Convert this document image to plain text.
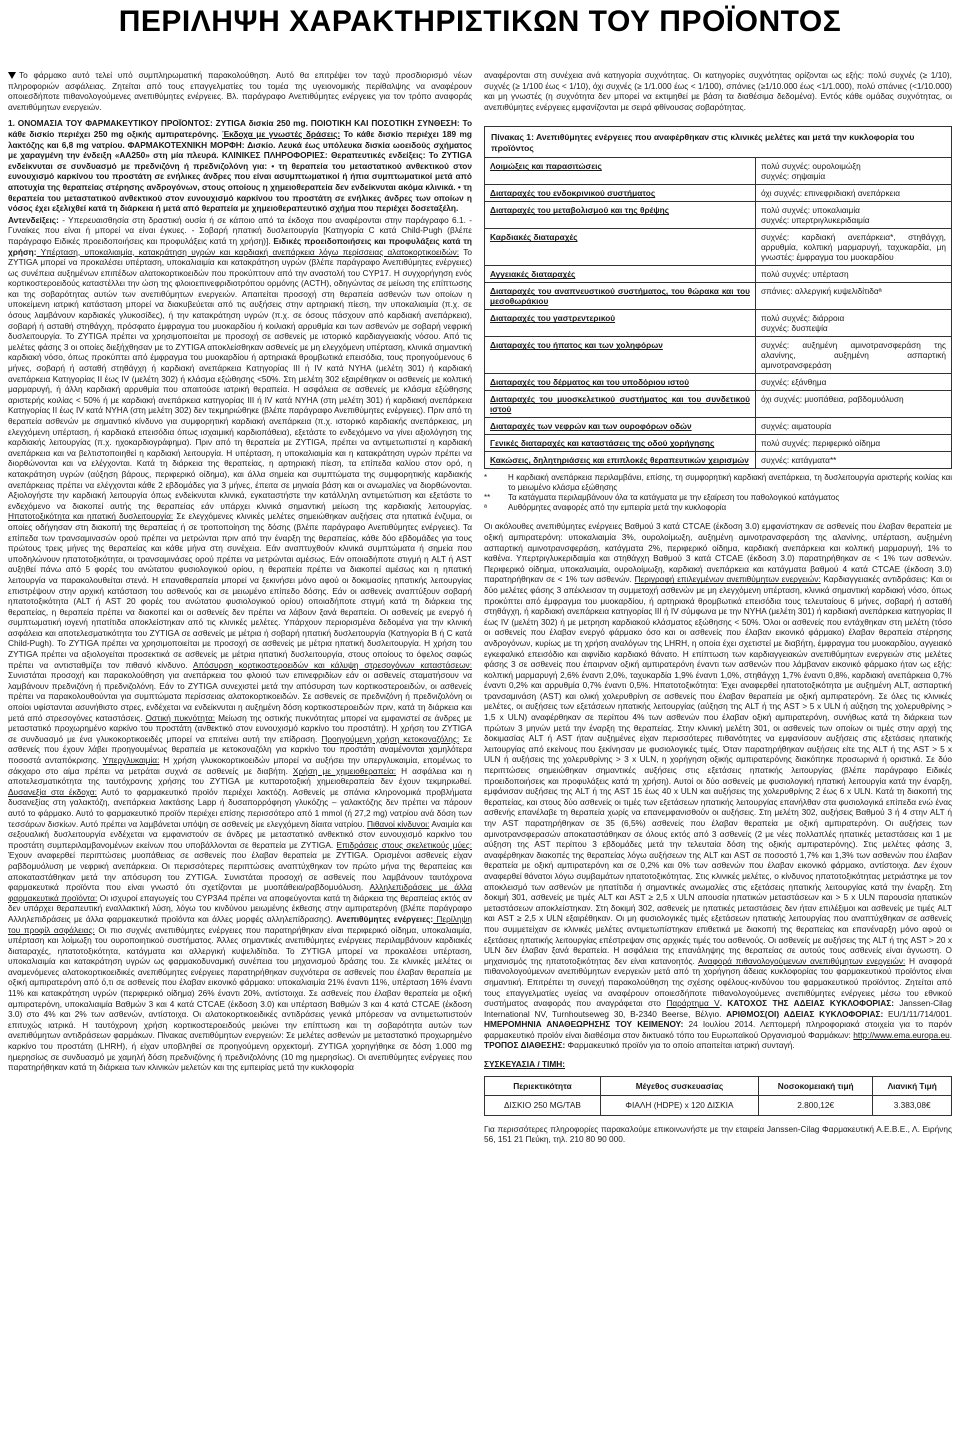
ΠΕΡΙΛΗΨΗ ΧΑΡΑΚΤΗΡΙΣΤΙΚΩΝ ΤΟΥ ΠΡΟΪΟΝΤΟΣ

Το φάρμακο αυτό τελεί υπό συμπληρωματική παρακολούθηση. Αυτό θα επιτρέψει τον ταχύ προσδιορισμό νέων πληροφοριών ασφάλειας. Ζητείται από τους επαγγελματίες του τομέα της υγειονομικής περίθαλψης να αναφέρουν οποιεσδήποτε πιθανολογούμενες ανεπιθύμητες ενέργειες. Βλ. παράγραφο Ανεπιθύμητες ενέργειες για τον τρόπο αναφοράς ανεπιθύμητων ενεργειών.

1. ΟΝΟΜΑΣΙΑ ΤΟΥ ΦΑΡΜΑΚΕΥΤΙΚΟΥ ΠΡΟΪΟΝΤΟΣ: ZYTIGA δισκία 250 mg. ΠΟΙΟΤΙΚΗ ΚΑΙ ΠΟΣΟΤΙΚΗ ΣΥΝΘΕΣΗ: Το κάθε δισκίο περιέχει 250 mg οξικής αμπιρατερόνης. Έκδοχα με γνωστές δράσεις: Το κάθε δισκίο περιέχει 189 mg λακτόζης και 6,8 mg νατρίου. ΦΑΡΜΑΚΟΤΕΧΝΙΚΗ ΜΟΡΦΗ: Δισκίο. Λευκά έως υπόλευκα δισκία ωοειδούς σχήματος με χαραγμένη την ένδειξη «AA250» στη μία πλευρά. ΚΛΙΝΙΚΕΣ ΠΛΗΡΟΦΟΡΙΕΣ: Θεραπευτικές ενδείξεις: Το ZYTIGA ενδείκνυται σε συνδυασμό με πρεδνιζόνη ή πρεδνιζολόνη για: • τη θεραπεία του μεταστατικού ανθεκτικού στον ευνουχισμό καρκίνου του προστάτη σε ενήλικες άνδρες που είναι ασυμπτωματικοί ή ήπια συμπτωματικοί μετά από αποτυχία της θεραπείας στέρησης ανδρογόνων, στους οποίους η χημειοθεραπεία δεν ενδείκνυται ακόμα κλινικά. • τη θεραπεία του μεταστατικού ανθεκτικού στον ευνουχισμό καρκίνου του προστάτη σε ενήλικες άνδρες των οποίων η νόσος έχει εξελιχθεί κατά τη διάρκεια ή μετά από θεραπεία με χημειοθεραπευτικό σχήμα που περιέχει δοσεταξέλη.

Αντενδείξεις: - Υπερευαισθησία στη δραστική ουσία ή σε κάποιο από τα έκδοχα που αναφέρονται στην παράγραφο 6.1. - Γυναίκες που είναι ή μπορεί να είναι έγκυες. - Σοβαρή ηπατική δυσλειτουργία [Κατηγορία C κατά Child-Pugh (βλέπε παράγραφο Ειδικές προειδοποιήσεις και προφυλάξεις κατά τη χρήση)]. Ειδικές προειδοποιήσεις και προφυλάξεις κατά τη χρήση: Υπέρταση, υποκαλιαιμία, κατακράτηση υγρών και καρδιακή ανεπάρκεια λόγω περίσσειας αλατοκορτικοειδών: Το ZYTIGA μπορεί να προκαλέσει υπέρταση, υποκαλιαιμία και κατακράτηση υγρών (βλέπε παράγραφο Ανεπιθύμητες ενέργειες) ως συνέπεια αυξημένων επιπέδων αλατοκορτικοειδών που προκύπτουν από την αναστολή του CYP17. Η συγχορήγηση ενός κορτικοστεροειδούς καταστέλλει την ώση της φλοιοεπινεφριδιοτρόπου ορμόνης (ACTH), οδηγώντας σε μείωση της επίπτωσης και της σοβαρότητας αυτών των ανεπιθύμητων ενεργειών. Απαιτείται προσοχή στη θεραπεία ασθενών των οποίων η υποκείμενη ιατρική κατάσταση μπορεί να διακυβεύεται από τις αυξήσεις στην αρτηριακή πίεση, την υποκαλιαιμία (π.χ. σε όσους λαμβάνουν καρδιακές γλυκοσίδες), ή την κατακράτηση υγρών (π.χ. σε όσους πάσχουν από καρδιακή ανεπάρκεια), σοβαρή ή ασταθή στηθάγχη, πρόσφατο έμφραγμα του μυοκαρδίου ή κοιλιακή αρρυθμία και των ασθενών με σοβαρή νεφρική δυσλειτουργία. Το ZYTIGA πρέπει να χρησιμοποιείται με προσοχή σε ασθενείς με ιστορικό καρδιαγγειακής νόσου. Από τις μελέτες φάσης 3 οι οποίες διεξήχθησαν με το ZYTIGA αποκλείσθηκαν ασθενείς με μη ελεγχόμενη υπέρταση, κλινικά σημαντική καρδιακή νόσο, όπως προκύπτει από έμφραγμα του μυοκαρδίου ή αρτηριακά θρομβωτικά επεισόδια, τους προηγούμενους 6 μήνες, σοβαρή ή ασταθή στηθάγχη ή καρδιακή ανεπάρκεια Κατηγορίας III ή IV κατά NYHA (μελέτη 301) ή καρδιακή ανεπάρκεια Κατηγορίας II έως IV (μελέτη 302) ή κλάσμα εξώθησης <50%. Στη μελέτη 302 εξαιρέθηκαν οι ασθενείς με κολπική μαρμαρυγή, ή άλλη καρδιακή αρρυθμία που απαιτούσε ιατρική θεραπεία. Η ασφάλεια σε ασθενείς με κλάσμα εξώθησης αριστερής κοιλίας < 50% ή με καρδιακή ανεπάρκεια κατηγορίας III ή IV κατά NYHA (στη μελέτη 301) ή καρδιακή ανεπάρκεια Κατηγορίας II έως IV κατά NYHA (στη μελέτη 302) δεν τεκμηριώθηκε (βλέπε παράγραφο Ανεπιθύμητες ενέργειες). Πριν από τη θεραπεία ασθενών με σημαντικό κίνδυνο για συμφορητική καρδιακή ανεπάρκεια (π.χ. ιστορικό καρδιακής ανεπάρκειας, μη ελεγχόμενη υπέρταση, ή καρδιακά επεισόδια όπως ισχαιμική καρδιοπάθεια), εξετάστε το ενδεχόμενο να γίνει αξιολόγηση της καρδιακής λειτουργίας (π.χ. ηχοκαρδιογράφημα). Πριν από τη θεραπεία με ZYTIGA, πρέπει να αντιμετωπιστεί η καρδιακή ανεπάρκεια και να βελτιστοποιηθεί η καρδιακή λειτουργία. Η υπέρταση, η υποκαλιαιμία και η κατακράτηση υγρών πρέπει να διορθώνονται και να ελέγχονται. Κατά τη διάρκεια της θεραπείας, η αρτηριακή πίεση, τα επίπεδα καλίου στον ορό, η κατακράτηση υγρών (αύξηση βάρους, περιφερικό οίδημα), και άλλα σημεία και συμπτώματα της συμφορητικής καρδιακής ανεπάρκειας πρέπει να ελέγχονται κάθε 2 εβδομάδες για 3 μήνες, έπειτα σε μηνιαία βάση και οι ανωμαλίες να διορθώνονται. Αξιολογήστε την καρδιακή λειτουργία όπως ενδείκνυται κλινικά, εγκαταστήστε την κατάλληλη αντιμετώπιση και εξετάστε το ενδεχόμενο να διακοπεί αυτής της θεραπείας εάν υπάρχει κλινικά σημαντική μείωση της καρδιακής λειτουργίας. Ηπατοτοξικότητα και ηπατική δυσλειτουργία: Σε ελεγχόμενες κλινικές μελέτες σημειώθηκαν αυξήσεις στα ηπατικά ένζυμα, οι οποίες οδήγησαν στη διακοπή της θεραπείας ή σε τροποποίηση της δόσης (βλέπε παράγραφο Ανεπιθύμητες ενέργειες). Τα επίπεδα των τρανσαμινασών ορού πρέπει να μετρώνται πριν από την έναρξη της θεραπείας, κάθε δύο εβδομάδες για τους πρώτους τρεις μήνες της θεραπείας και κάθε μήνα στη συνέχεια. Εάν αναπτυχθούν κλινικά συμπτώματα ή σημεία που υποδηλώνουν ηπατοτοξικότητα, οι τρανσαμινάσες ορού πρέπει να μετρώνται αμέσως. Εάν οποιαδήποτε στιγμή η ALT ή AST αυξηθεί πάνω από 5 φορές του ανώτατου φυσιολογικού ορίου, η θεραπεία πρέπει να διακοπεί αμέσως και η ηπατική λειτουργία να παρακολουθείται στενά. Η επαναθεραπεία μπορεί να ξεκινήσει μόνο αφού οι δοκιμασίες ηπατικής λειτουργίας επιστρέψουν στην αρχική κατάσταση του ασθενούς και σε μειωμένο επίπεδο δόσης. Εάν οι ασθενείς αναπτύξουν σοβαρή ηπατοτοξικότητα (ALT ή AST 20 φορές του ανώτατου φυσιολογικού ορίου) οποιαδήποτε στιγμή κατά τη διάρκεια της θεραπείας, η θεραπεία πρέπει να διακοπεί και οι ασθενείς δεν πρέπει να λάβουν ξανά θεραπεία. Οι ασθενείς με ενεργό ή συμπτωματική ιογενή ηπατίτιδα αποκλείστηκαν από τις κλινικές μελέτες. Υπάρχουν περιορισμένα δεδομένα για την κλινική ασφάλεια και αποτελεσματικότητα του ZYTIGA σε ασθενείς με μέτρια ή σοβαρή ηπατική δυσλειτουργία (Κατηγορία B ή C κατά Child-Pugh). Το ZYTIGA πρέπει να χρησιμοποιείται με προσοχή σε ασθενείς με μέτρια ηπατική δυσλειτουργία. Η χρήση του ZYTIGA πρέπει να αξιολογείται προσεκτικά σε ασθενείς με μέτρια ηπατική δυσλειτουργία, στους οποίους το όφελος σαφώς πρέπει να αντισταθμίζει τον πιθανό κίνδυνο. Απόσυρση κορτικοστεροειδών και κάλυψη στρεσογόνων καταστάσεων: Συνιστάται προσοχή και παρακολούθηση για ανεπάρκεια του φλοιού των επινεφριδίων εάν οι ασθενείς σταματήσουν να λαμβάνουν πρεδνιζόνη ή πρεδνιζολόνη. Εάν το ZYTIGA συνεχιστεί μετά την απόσυρση των κορτικοστεροειδών, οι ασθενείς πρέπει να παρακολουθούνται για συμπτώματα περίσσειας αλατοκορτικοειδών. Σε ασθενείς σε πρεδνιζόνη ή πρεδνιζολόνη οι οποίοι υφίστανται ασυνήθιστο στρες, ενδέχεται να ενδείκνυται η αυξημένη δόση κορτικοστεροειδών πριν, κατά τη διάρκεια και μετά από στρεσογόνες καταστάσεις. Οστική πυκνότητα: Μείωση της οστικής πυκνότητας μπορεί να εμφανιστεί σε άνδρες με μεταστατικό προχωρημένο καρκίνο του προστάτη (ανθεκτικό στον ευνουχισμό καρκίνο του προστάτη). Η χρήση του ZYTIGA σε συνδυασμό με ένα γλυκοκορτικοειδές μπορεί να επιτείνει αυτή την επίδραση. Προηγούμενη χρήση κετοκοναζόλης: Σε ασθενείς που έχουν λάβει προηγουμένως θεραπεία με κετοκοναζόλη για καρκίνο του προστάτη αναμένονται χαμηλότερα ποσοστά ανταπόκρισης. Υπεργλυκαιμία: Η χρήση γλυκοκορτικοειδών μπορεί να αυξήσει την υπεργλυκαιμία, επομένως το σάκχαρο στο αίμα πρέπει να μετράται συχνά σε ασθενείς με διαβήτη. Χρήση με χημειοθεραπεία: Η ασφάλεια και η αποτελεσματικότητα της ταυτόχρονης χρήσης του ZYTIGA με κυτταροτοξική χημειοθεραπεία δεν έχουν τεκμηριωθεί. Δυσανεξία στα έκδοχα: Αυτό το φαρμακευτικό προϊόν περιέχει λακτόζη. Ασθενείς με σπάνια κληρονομικά προβλήματα δυσανεξίας στη γαλακτόζη, ανεπάρκεια λακτάσης Lapp ή δυσαπορρόφηση γλυκόζης – γαλακτόζης δεν πρέπει να πάρουν αυτό το φάρμακο. Αυτό το φαρμακευτικό προϊόν περιέχει επίσης περισσότερο από 1 mmol (ή 27,2 mg) νατρίου ανά δόση των τεσσάρων δισκίων. Αυτό πρέπει να λαμβάνεται υπόψη σε ασθενείς με ελεγχόμενη δίαιτα νατρίου. Πιθανοί κίνδυνοι: Αναιμία και σεξουαλική δυσλειτουργία ενδέχεται να εμφανιστούν σε άνδρες με μεταστατικό ανθεκτικό στον ευνουχισμό καρκίνο του προστάτη συμπεριλαμβανομένων εκείνων που υποβάλλονται σε θεραπεία με ZYTIGA. Επιδράσεις στους σκελετικούς μύες: Έχουν αναφερθεί περιπτώσεις μυοπάθειας σε ασθενείς που έλαβαν θεραπεία με ZYTIGA. Ορισμένοι ασθενείς είχαν ραβδομυόλυση με νεφρική ανεπάρκεια. Οι περισσότερες περιπτώσεις αναπτύχθηκαν τον πρώτο μήνα της θεραπείας και αποκαταστάθηκαν μετά την απόσυρση του ZYTIGA. Συνιστάται προσοχή σε ασθενείς που λαμβάνουν ταυτόχρονα φαρμακευτικά προϊόντα που είναι γνωστό ότι σχετίζονται με μυοπάθεια/ραβδομυόλυση. Αλληλεπιδράσεις με άλλα φαρμακευτικά προϊόντα: Οι ισχυροί επαγωγείς του CYP3A4 πρέπει να αποφεύγονται κατά τη διάρκεια της θεραπείας εκτός αν δεν υπάρχει θεραπευτική εναλλακτική λύση, λόγω του κινδύνου μειωμένης έκθεσης στην αμπιρατερόνη (βλέπε παράγραφο Αλληλεπιδράσεις με άλλα φαρμακευτικά προϊόντα και άλλες μορφές αλληλεπίδρασης). Ανεπιθύμητες ενέργειες: Περίληψη του προφίλ ασφάλειας: Οι πιο συχνές ανεπιθύμητες ενέργειες που παρατηρήθηκαν είναι περιφερικό οίδημα, υποκαλιαιμία, υπέρταση και λοίμωξη του ουροποιητικού συστήματος. Άλλες σημαντικές ανεπιθύμητες ενέργειες περιλαμβάνουν καρδιακές διαταραχές, ηπατοτοξικότητα, κατάγματα και αλλεργική κυψελιδίτιδα. Το ZYTIGA μπορεί να προκαλέσει υπέρταση, υποκαλιαιμία και κατακράτηση υγρών ως φαρμακοδυναμική συνέπεια του μηχανισμού δράσης του. Σε κλινικές μελέτες οι αναμενόμενες αλατοκορτικοειδικές ανεπιθύμητες ενέργειες παρατηρήθηκαν συχνότερα σε ασθενείς που έλαβαν θεραπεία με οξική αμπιρατερόνη από ό,τι σε ασθενείς που έλαβαν εικονικό φάρμακο: υποκαλιαιμία 21% έναντι 11%, υπέρταση 16% έναντι 11% και κατακράτηση υγρών (περιφερικό οίδημα) 26% έναντι 20%, αντίστοιχα. Σε ασθενείς που έλαβαν θεραπεία με οξική αμπιρατερόνη, υποκαλιαιμία Βαθμών 3 και 4 κατά CTCAE (έκδοση 3.0) και υπέρταση Βαθμών 3 και 4 κατά CTCAE (έκδοση 3.0) στο 4% και 2% των ασθενών, αντίστοιχα. Οι αλατοκορτικοειδικές αντιδράσεις γενικά μπόρεσαν να αντιμετωπιστούν επιτυχώς ιατρικά. Η ταυτόχρονη χρήση κορτικοστεροειδούς μειώνει την επίπτωση και τη σοβαρότητα αυτών των ανεπιθύμητων αντιδράσεων φαρμάκων. Πίνακας ανεπιθύμητων ενεργειών: Σε μελέτες ασθενών με μεταστατικό προχωρημένο καρκίνο του προστάτη (LHRH), ή είχαν υποβληθεί σε προηγούμενη ορχεκτομή. ZYTIGA χορηγήθηκε σε δόση 1.000 mg ημερησίως σε συνδυασμό με χαμηλή δόση πρεδνιζόνης ή πρεδνιζολόνης (10 mg ημερησίως). Οι ανεπιθύμητες ενέργειες που παρατηρήθηκαν κατά τη διάρκεια των κλινικών μελετών και της εμπειρίας μετά την κυκλοφορία

αναφέρονται στη συνέχεια ανά κατηγορία συχνότητας. Οι κατηγορίες συχνότητας ορίζονται ως εξής: πολύ συχνές (≥ 1/10), συχνές (≥ 1/100 έως < 1/10), όχι συχνές (≥ 1/1.000 έως < 1/100), σπάνιες (≥1/10.000 έως <1/1.000), πολύ σπάνιες (<1/10.000) και μη γνωστές (η συχνότητα δεν μπορεί να εκτιμηθεί με βάση τα διαθέσιμα δεδομένα). Εντός κάθε ομάδας συχνότητας, οι ανεπιθύμητες ενέργειες εμφανίζονται με σειρά φθίνουσας σοβαρότητας.

Πίνακας 1: Ανεπιθύμητες ενέργειες που αναφέρθηκαν στις κλινικές μελέτες και μετά την κυκλοφορία του προϊόντος
Λοιμώξεις και παρασιτώσεις	πολύ συχνές: ουρολοιμώξη
συχνές: σηψαιμία
Διαταραχές του ενδοκρινικού συστήματος	όχι συχνές: επινεφριδιακή ανεπάρκεια
Διαταραχές του μεταβολισμού και της θρέψης	πολύ συχνές: υποκαλιαιμία
συχνές: υπερτριγλυκεριδαιμία
Καρδιακές διαταραχές	συχνές: καρδιακή ανεπάρκεια*, στηθάγχη, αρρυθμία, κολπική μαρμαρυγή, ταχυκαρδία, μη γνωστές: έμφραγμα του μυοκαρδίου
Αγγειακές διαταραχές	πολύ συχνές: υπέρταση
Διαταραχές του αναπνευστικού συστήματος, του θώρακα και του μεσοθωράκιου	σπάνιες: αλλεργική κυψελιδίτιδαª
Διαταραχές του γαστρεντερικού	πολύ συχνές: διάρροια
συχνές: δυσπεψία
Διαταραχές του ήπατος και των χοληφόρων	συχνές: αυξημένη αμινοτρανσφεράση της αλανίνης, αυξημένη ασπαρτική αμινοτρανσφεράση
Διαταραχές του δέρματος και του υποδόριου ιστού	συχνές: εξάνθημα
Διαταραχές του μυοσκελετικού συστήματος και του συνδετικού ιστού	όχι συχνές: μυοπάθεια, ραβδομυόλυση
Διαταραχές των νεφρών και των ουροφόρων οδών	συχνές: αιματουρία
Γενικές διαταραχές και καταστάσεις της οδού χορήγησης	πολύ συχνές: περιφερικό οίδημα
Κακώσεις, δηλητηριάσεις και επιπλοκές θεραπευτικών χειρισμών	συχνές: κατάγματα**
*	Η καρδιακή ανεπάρκεια περιλαμβάνει, επίσης, τη συμφορητική καρδιακή ανεπάρκεια, τη δυσλειτουργία αριστερής κοιλίας και το μειωμένο κλάσμα εξώθησης
**	Τα κατάγματα περιλαμβάνουν όλα τα κατάγματα με την εξαίρεση του παθολογικού κατάγματος
ª	Αυθόρμητες αναφορές από την εμπειρία μετά την κυκλοφορία

Οι ακόλουθες ανεπιθύμητες ενέργειες Βαθμού 3 κατά CTCAE (έκδοση 3.0) εμφανίστηκαν σε ασθενείς που έλαβαν θεραπεία με οξική αμπιρατερόνη: υποκαλιαιμία 3%, ουρολοίμωξη, αυξημένη αμινοτρανσφεράση της αλανίνης, υπέρταση, αυξημένη ασπαρτική αμινοτρανσφεράση, κατάγματα 2%, περιφερικό οίδημα, καρδιακή ανεπάρκεια και κολπική μαρμαρυγή, 1% το καθένα. Υπερτριγλυκεριδαιμία και στηθάγχη Βαθμού 3 κατά CTCAE (έκδοση 3.0) παρατηρήθηκαν σε < 1% των ασθενών. Περιφερικό οίδημα, υποκαλιαιμία, ουρολοίμωξη, καρδιακή ανεπάρκεια και κατάγματα βαθμού 4 κατά CTCAE (έκδοση 3.0) παρατηρήθηκαν σε < 1% των ασθενών. Περιγραφή επιλεγμένων ανεπιθύμητων ενεργειών: Καρδιαγγειακές αντιδράσεις: Και οι δύο μελέτες φάσης 3 απέκλεισαν τη συμμετοχή ασθενών με μη ελεγχόμενη υπέρταση, κλινικά σημαντική καρδιακή νόσο, όπως προκύπτει από έμφραγμα του μυοκαρδίου, ή αρτηριακά θρομβωτικά επεισόδια τους τελευταίους 6 μήνες, σοβαρή ή ασταθή στηθάγχη, ή καρδιακή ανεπάρκεια κατηγορίας III ή IV σύμφωνα με την NYHA (μελέτη 301) ή καρδιακή ανεπάρκεια κατηγορίας II έως IV (μελέτη 302) ή με μετρηση καρδιακού κλάσματος εξώθησης < 50%. Όλοι οι ασθενείς που εντάχθηκαν στη μελέτη (τόσο οι ασθενείς που έλαβαν ενεργό φάρμακο όσο και οι ασθενείς που έλαβαν εικονικό φάρμακο) έλαβαν θεραπεία στέρησης ανδρογόνων, κυρίως με τη χρήση αναλόγων της LHRH, η οποία έχει σχετιστεί με διαβήτη, έμφραγμα του μυοκαρδίου, αγγειακό εγκεφαλικό επεισόδιο και αιφνίδιο καρδιακό θάνατο. Η επίπτωση των καρδιαγγειακών ανεπιθύμητων ενεργειών στις μελέτες φάσης 3 σε ασθενείς που έπαιρναν οξική αμπιρατερόνη έναντι των ασθενών που λάμβαναν εικονικό φάρμακο ήταν ως εξής: κολπική μαρμαρυγή 2,6% έναντι 2,0%, ταχυκαρδία 1,9% έναντι 1,0%, στηθάγχη 1,7% έναντι 0,8%, καρδιακή ανεπάρκεια 0,7% έναντι 0,2% και αρρυθμία 0,7% έναντι 0,5%. Ηπατοτοξικότητα: Έχει αναφερθεί ηπατοτοξικότητα με αυξημένη ALT, ασπαρτική τρανσαμινάση (AST) και ολική χολερυθρίνη σε ασθενείς που έλαβαν θεραπεία με οξική αμπιρατερόνη. Σε όλες τις κλινικές μελέτες, οι αυξήσεις των εξετάσεων ηπατικής λειτουργίας (αύξηση της ALT ή της AST > 5 x ULN ή αύξηση της χολερυθρίνης > 1,5 x ULN) αναφέρθηκαν σε περίπου 4% των ασθενών που έλαβαν οξική αμπιρατερόνη, συνήθως κατά τη διάρκεια των πρώτων 3 μηνών μετά την έναρξη της θεραπείας. Στην κλινική μελέτη 301, οι ασθενείς των οποίων οι τιμές στην αρχή της δοκιμασίας ALT ή AST ήταν αυξημένες είχαν περισσότερες πιθανότητες να εμφανίσουν αυξήσεις στις εξετάσεις ηπατικής λειτουργίας από εκείνους που ξεκίνησαν με φυσιολογικές τιμές. Όταν παρατηρήθηκαν αυξήσεις είτε της ALT ή της AST > 5 x ULN ή αυξήσεις της χολερυθρίνης > 3 x ULN, η χορήγηση οξικής αμπιρατερόνης διακόπηκε προσωρινά ή οριστικά. Σε δύο περιπτώσεις σημειώθηκαν σημαντικές αυξήσεις στις εξετάσεις ηπατικής λειτουργίας (βλέπε παράγραφο Ειδικές προειδοποιήσεις και προφυλάξεις κατά τη χρήση). Αυτοί οι δύο ασθενείς με φυσιολογική ηπατική λειτουργία κατά την έναρξη, εμφάνισαν αυξήσεις της ALT ή της AST 15 έως 40 x ULN και αυξήσεις της χολερυθρίνης 2 έως 6 x ULN. Κατά τη διακοπή της θεραπείας, και στους δύο ασθενείς οι τιμές των εξετάσεων ηπατικής λειτουργίας επανήλθαν στα φυσιολογικά επίπεδα ενώ ένας ασθενής επανέλαβε τη θεραπεία χωρίς να επανεμφανισθούν οι αυξήσεις. Στη μελέτη 302, αυξήσεις Βαθμού 3 ή 4 στην ALT ή την AST παρατηρήθηκαν σε 35 (6,5%) ασθενείς που έλαβαν θεραπεία με οξική αμπιρατερόνη. Οι αυξήσεις των αμινοτρανσφερασών αποκαταστάθηκαν σε όλους εκτός από 3 ασθενείς (2 με νέες πολλαπλές ηπατικές μεταστάσεις και 1 με αύξηση της AST περίπου 3 εβδομάδες μετά την τελευταία δόση της οξικής αμπιρατερόνης). Στις μελέτες φάσης 3, αναφέρθηκαν διακοπές της θεραπείας λόγω αυξήσεων της ALT και AST σε ποσοστό 1,7% και 1,3% των ασθενών που έλαβαν θεραπεία με οξική αμπιρατερόνη και σε 0,2% και 0% των ασθενών που έλαβαν εικονικό φάρμακο, αντίστοιχα. Δεν έχουν αναφερθεί θάνατοι λόγω συμβαμάτων ηπατοτοξικότητας. Στις κλινικές μελέτες, ο κίνδυνος ηπατοτοξικότητας μετριάστηκε με τον αποκλεισμό των ασθενών με ηπατίτιδα ή σημαντικές ανωμαλίες στις εξετάσεις ηπατικής λειτουργίας κατά την έναρξη. Στη δοκιμή 301, ασθενείς με τιμές ALT και AST ≥ 2,5 x ULN απουσία ηπατικών μεταστάσεων και > 5 x ULN παρουσία ηπατικών μεταστάσεων αποκλείστηκαν. Στη δοκιμή 302, ασθενείς με ηπατικές μεταστάσεις δεν ήταν επιλέξιμοι και ασθενείς με τιμές ALT και AST ≥ 2,5 x ULN εξαιρέθηκαν. Οι μη φυσιολογικές τιμές εξετάσεων ηπατικής λειτουργίας που αναπτύχθηκαν σε ασθενείς που συμμετείχαν σε κλινικές μελέτες αντιμετωπίστηκαν επιθετικά με διακοπή της θεραπείας και επανέναρξη μόνο αφού οι εξετάσεις ηπατικής λειτουργίας επέστρεψαν στις αρχικές τιμές του ασθενούς. Οι ασθενείς με αυξήσεις της ALT ή της AST > 20 x ULN δεν έλαβαν ξανά θεραπεία. Η ασφάλεια της επανάληψης της θεραπείας σε αυτούς τους ασθενείς είναι άγνωστη. Ο μηχανισμός της ηπατοτοξικότητας δεν είναι κατανοητός. Αναφορά πιθανολογούμενων ανεπιθύμητων ενεργειών: Η αναφορά πιθανολογούμενων ανεπιθύμητων ενεργειών μετά από τη χορήγηση άδειας κυκλοφορίας του φαρμακευτικού προϊόντος είναι σημαντική. Επιτρέπει τη συνεχή παρακολούθηση της σχέσης οφέλους-κινδύνου του φαρμακευτικού προϊόντος. Ζητείται από τους επαγγελματίες υγείας να αναφέρουν οποιεσδήποτε πιθανολογούμενες ανεπιθύμητες ενέργειες μέσω του εθνικού συστήματος αναφοράς που αναγράφεται στο Παράρτημα V. ΚΑΤΟΧΟΣ ΤΗΣ ΑΔΕΙΑΣ ΚΥΚΛΟΦΟΡΙΑΣ: Janssen-Cilag International NV, Turnhoutseweg 30, B-2340 Beerse, Βέλγιο. ΑΡΙΘΜΟΣ(ΟΙ) ΑΔΕΙΑΣ ΚΥΚΛΟΦΟΡΙΑΣ: EU/1/11/714/001. ΗΜΕΡΟΜΗΝΙΑ ΑΝΑΘΕΩΡΗΣΗΣ ΤΟΥ ΚΕΙΜΕΝΟΥ: 24 Ιουλίου 2014. Λεπτομερή πληροφοριακά στοιχεία για το παρόν φαρμακευτικό προϊόν είναι διαθέσιμα στον δικτυακό τόπο του Ευρωπαϊκού Οργανισμού Φαρμάκων: http://www.ema.europa.eu. ΤΡΟΠΟΣ ΔΙΑΘΕΣΗΣ: Φαρμακευτικό προϊόν για το οποίο απαιτείται ιατρική συνταγή.

ΣΥΣΚΕΥΑΣΙΑ / ΤΙΜΗ:
Περιεκτικότητα	Μέγεθος συσκευασίας	Νοσοκομειακή τιμή	Λιανική Τιμή
ΔΙΣΚΙΟ 250 MG/TAB	ΦΙΑΛΗ (HDPE) x 120 ΔΙΣΚΙΑ	2.800,12€	3.383,08€

Για περισσότερες πληροφορίες παρακαλούμε επικοινωνήστε με την εταιρεία Janssen-Cilag Φαρμακευτική Α.Ε.Β.Ε., Λ. Ειρήνης 56, 151 21 Πεύκη, τηλ. 210 80 90 000.
